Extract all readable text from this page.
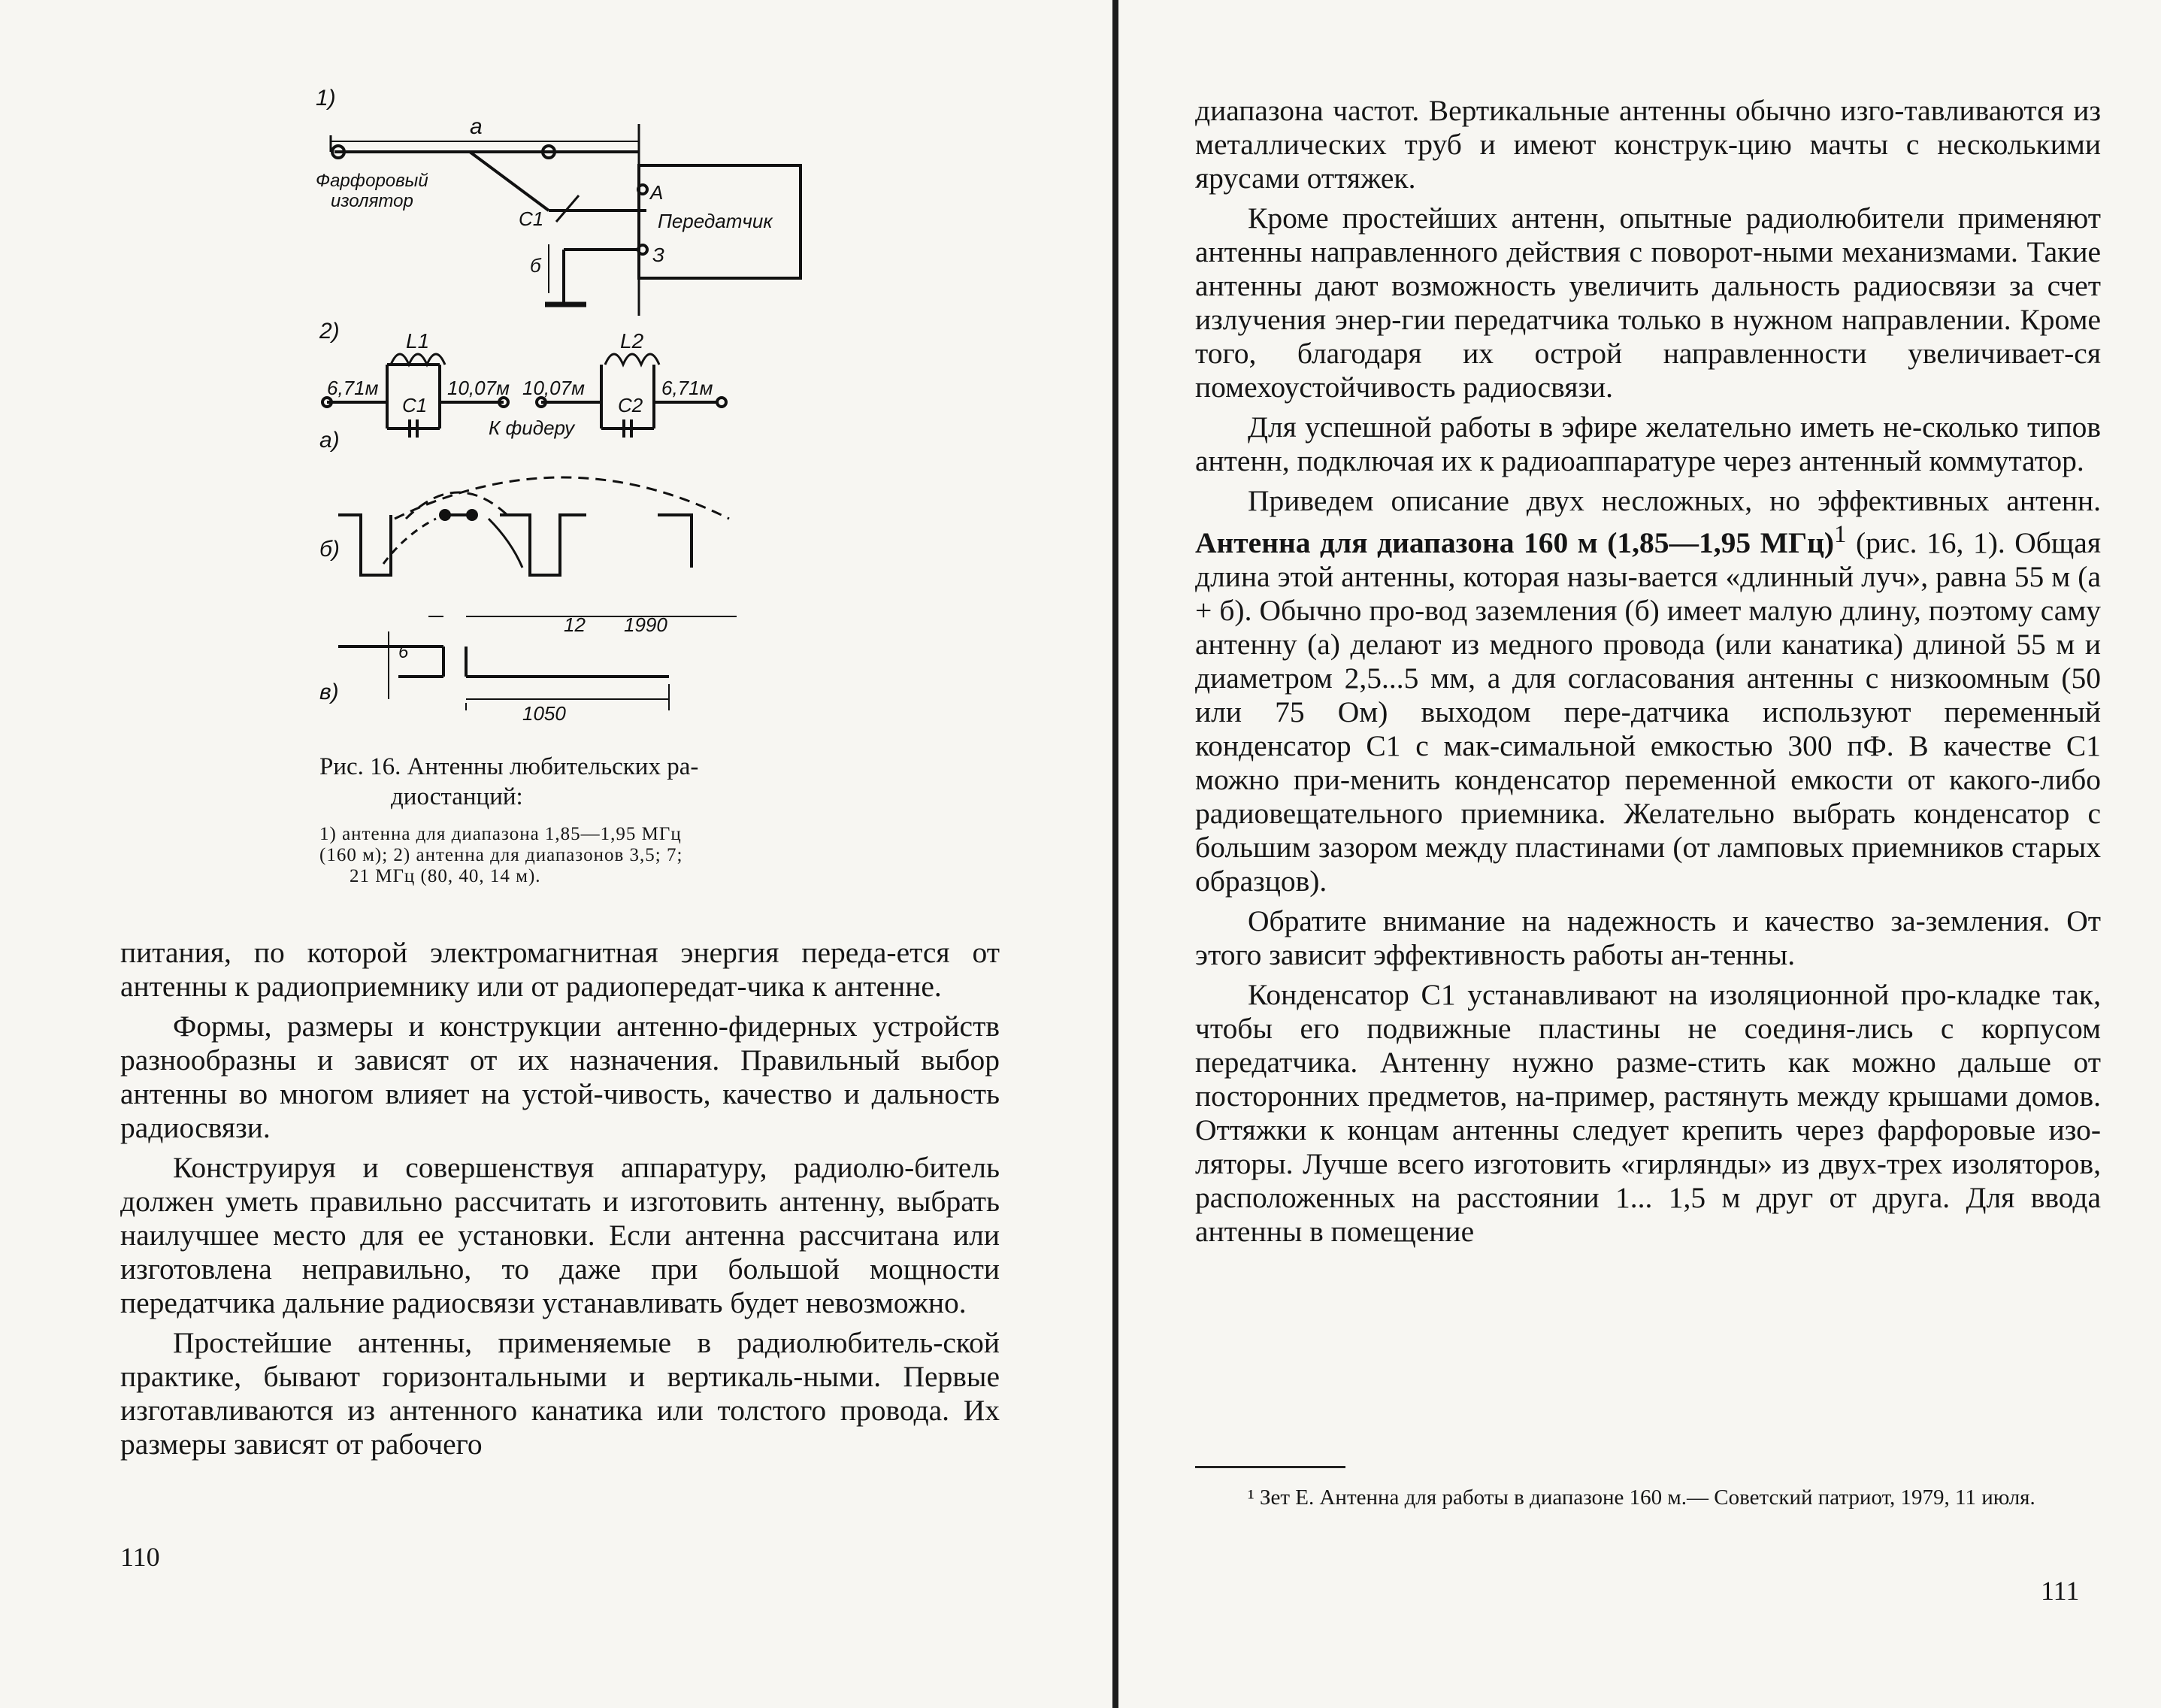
1)
a
Фарфоровый
изолятор
C1
A
Передатчик
З
б
2)	L1	L2
6,71м
C1
10,07м 10,07м
C2
6,71м
а)	К фидеру
б)
12 1990
6
в)
1050
Рис. 16. Антенны любительских ра-
диостанций:
1) антенна для диапазона 1,85—1,95 МГц
(160 м); 2) антенна для диапазонов 3,5; 7;
21 МГц (80, 40, 14 м).

питания, по которой электромагнитная энергия переда-ется от антенны к радиоприемнику или от радиопередат-чика к антенне.

Формы, размеры и конструкции антенно-фидерных устройств разнообразны и зависят от их назначения. Правильный выбор антенны во многом влияет на устой-чивость, качество и дальность радиосвязи.

Конструируя и совершенствуя аппаратуру, радиолю-битель должен уметь правильно рассчитать и изготовить антенну, выбрать наилучшее место для ее установки. Если антенна рассчитана или изготовлена неправильно, то даже при большой мощности передатчика дальние радиосвязи устанавливать будет невозможно.

Простейшие антенны, применяемые в радиолюбитель-ской практике, бывают горизонтальными и вертикаль-ными. Первые изготавливаются из антенного канатика или толстого провода. Их размеры зависят от рабочего

110

диапазона частот. Вертикальные антенны обычно изго-тавливаются из металлических труб и имеют конструк-цию мачты с несколькими ярусами оттяжек.

Кроме простейших антенн, опытные радиолюбители применяют антенны направленного действия с поворот-ными механизмами. Такие антенны дают возможность увеличить дальность радиосвязи за счет излучения энер-гии передатчика только в нужном направлении. Кроме того, благодаря их острой направленности увеличивает-ся помехоустойчивость радиосвязи.

Для успешной работы в эфире желательно иметь не-сколько типов антенн, подключая их к радиоаппаратуре через антенный коммутатор.

Приведем описание двух несложных, но эффективных антенн. Антенна для диапазона 160 м (1,85—1,95 МГц)$^1$ (рис. 16, 1). Общая длина этой антенны, которая назы-вается «длинный луч», равна 55 м (а + б). Обычно про-вод заземления (б) имеет малую длину, поэтому саму антенну (а) делают из медного провода (или канатика) длиной 55 м и диаметром 2,5...5 мм, а для согласования антенны с низкоомным (50 или 75 Ом) выходом пере-датчика используют переменный конденсатор С1 с мак-симальной емкостью 300 пФ. В качестве С1 можно при-менить конденсатор переменной емкости от какого-либо радиовещательного приемника. Желательно выбрать конденсатор с большим зазором между пластинами (от ламповых приемников старых образцов).

Обратите внимание на надежность и качество за-земления. От этого зависит эффективность работы ан-тенны.

Конденсатор С1 устанавливают на изоляционной про-кладке так, чтобы его подвижные пластины не соединя-лись с корпусом передатчика. Антенну нужно разме-стить как можно дальше от посторонних предметов, на-пример, растянуть между крышами домов. Оттяжки к концам антенны следует крепить через фарфоровые изо-ляторы. Лучше всего изготовить «гирлянды» из двух-трех изоляторов, расположенных на расстоянии 1... 1,5 м друг от друга. Для ввода антенны в помещение

¹ Зет Е. Антенна для работы в диапазоне 160 м.— Советский патриот, 1979, 11 июля.
111
